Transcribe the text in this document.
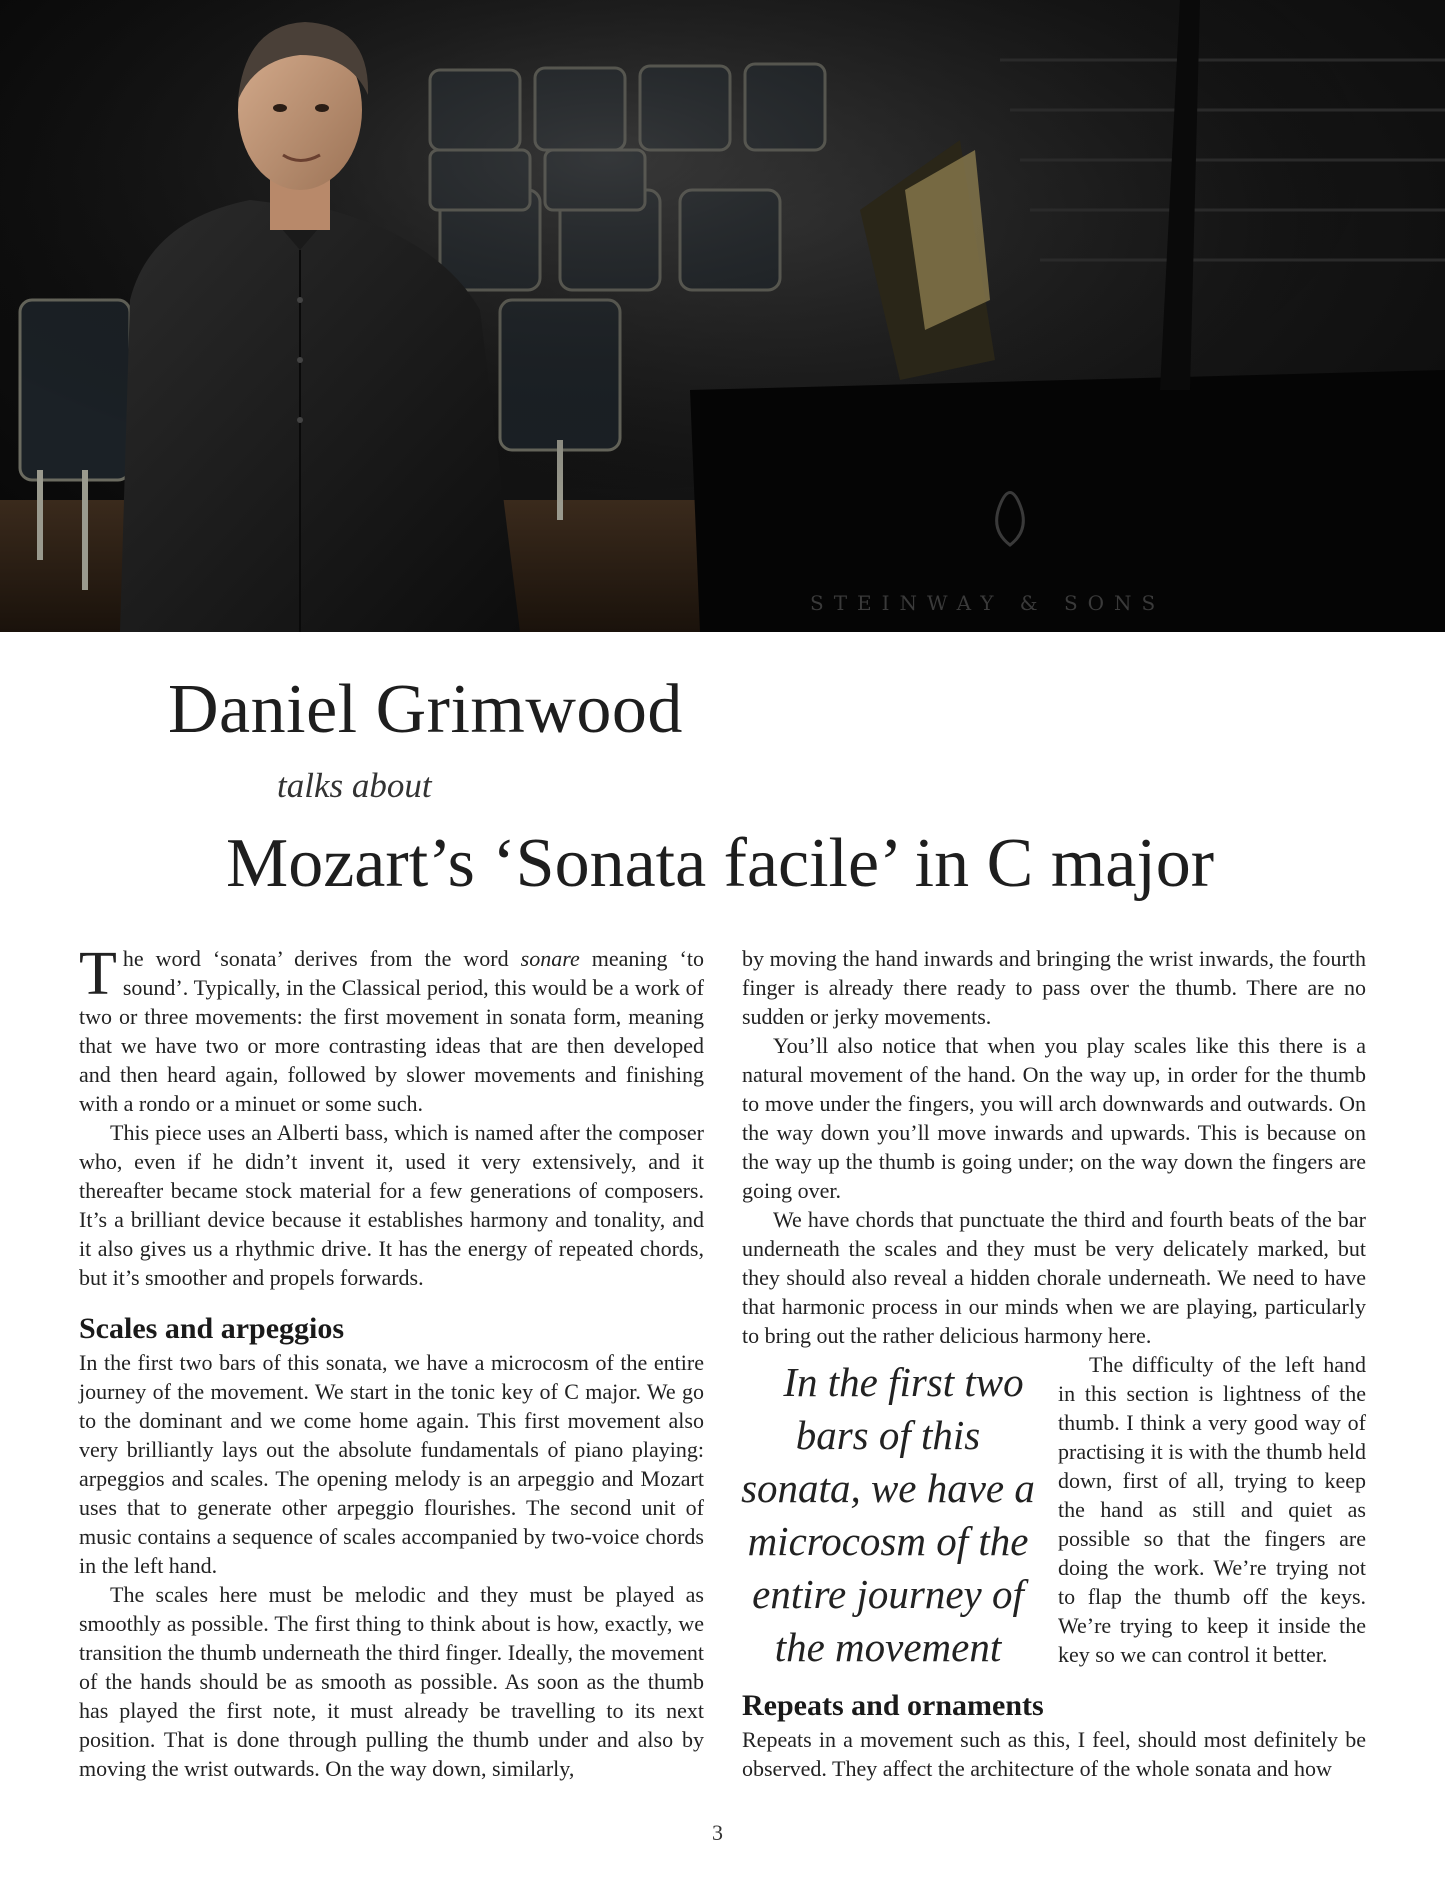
STEINWAY & SONS
Daniel Grimwood
talks about
Mozart’s ‘Sonata facile’ in C major

The word ‘sonata’ derives from the word sonare meaning ‘to sound’. Typically, in the Classical period, this would be a work of two or three movements: the first movement in sonata form, meaning that we have two or more contrasting ideas that are then developed and then heard again, followed by slower movements and finishing with a rondo or a minuet or some such.

This piece uses an Alberti bass, which is named after the composer who, even if he didn’t invent it, used it very extensively, and it thereafter became stock material for a few generations of composers. It’s a brilliant device because it establishes harmony and tonality, and it also gives us a rhythmic drive. It has the energy of repeated chords, but it’s smoother and propels forwards.

Scales and arpeggios

In the first two bars of this sonata, we have a microcosm of the entire journey of the movement. We start in the tonic key of C major. We go to the dominant and we come home again. This first movement also very brilliantly lays out the absolute fundamentals of piano playing: arpeggios and scales. The opening melody is an arpeggio and Mozart uses that to generate other arpeggio flourishes. The second unit of music contains a sequence of scales accompanied by two-voice chords in the left hand.

The scales here must be melodic and they must be played as smoothly as possible. The first thing to think about is how, exactly, we transition the thumb underneath the third finger. Ideally, the movement of the hands should be as smooth as possible. As soon as the thumb has played the first note, it must already be travelling to its next position. That is done through pulling the thumb under and also by moving the wrist outwards. On the way down, similarly,

by moving the hand inwards and bringing the wrist inwards, the fourth finger is already there ready to pass over the thumb. There are no sudden or jerky movements.

You’ll also notice that when you play scales like this there is a natural movement of the hand. On the way up, in order for the thumb to move under the fingers, you will arch downwards and outwards. On the way down you’ll move inwards and upwards. This is because on the way up the thumb is going under; on the way down the fingers are going over.

We have chords that punctuate the third and fourth beats of the bar underneath the scales and they must be very delicately marked, but they should also reveal a hidden chorale underneath. We need to have that harmonic process in our minds when we are playing, particularly to bring out the rather delicious harmony here.

In the first two bars of this sonata, we have a microcosm of the entire journey of the movement
The difficulty of the left hand in this section is lightness of the thumb. I think a very good way of practising it is with the thumb held down, first of all, trying to keep the hand as still and quiet as possible so that the fingers are doing the work. We’re trying not to flap the thumb off the keys. We’re trying to keep it inside the key so we can control it better.

Repeats and ornaments

Repeats in a movement such as this, I feel, should most definitely be observed. They affect the architecture of the whole sonata and how

3
